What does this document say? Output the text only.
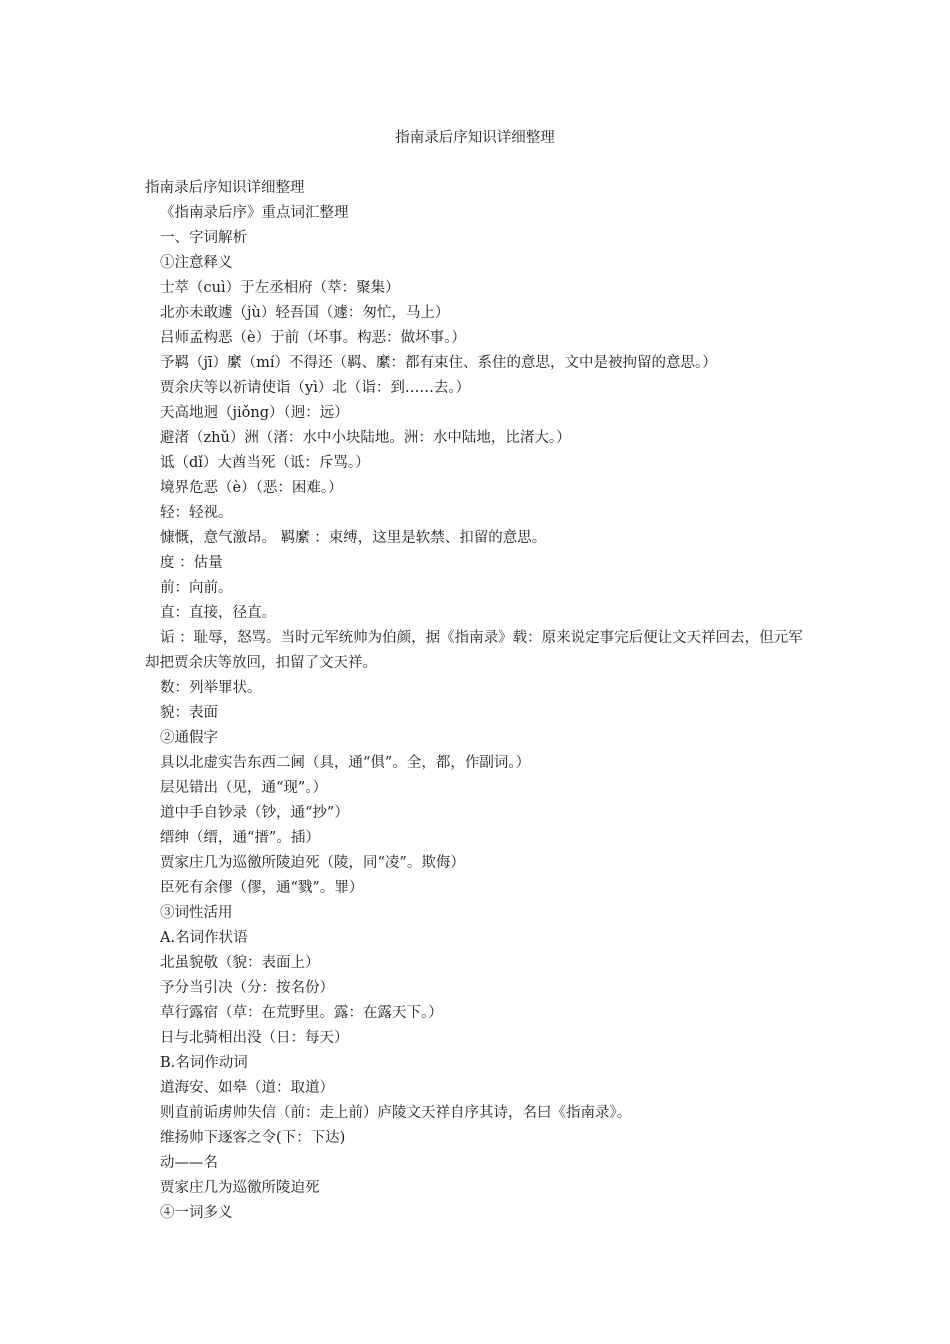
指南录后序知识详细整理
指南录后序知识详细整理
《指南录后序》重点词汇整理
一、字词解析
①注意释义
士萃（cuì）于左丞相府（萃：聚集）
北亦未敢遽（jù）轻吾国（遽：匆忙，马上）
吕师孟构恶（è）于前（坏事。构恶：做坏事。）
予羁（jī）縻（mí）不得还（羁、縻：都有束住、系住的意思，文中是被拘留的意思。）
贾余庆等以祈请使诣（yì）北（诣：到……去。）
天高地迥（jiǒng）（迥：远）
避渚（zhǔ）洲（渚：水中小块陆地。洲：水中陆地，比渚大。）
诋（dǐ）大酋当死（诋：斥骂。）
境界危恶（è）（恶：困难。）
轻：轻视。
慷慨，意气激昂。 羁縻 ：束缚，这里是软禁、扣留的意思。
度 ：估量
前：向前。
直：直接，径直。
诟 ：耻辱，怒骂。当时元军统帅为伯颜，据《指南录》载：原来说定事完后便让文天祥回去，但元军却把贾余庆等放回，扣留了文天祥。
数：列举罪状。
貌：表面
②通假字
具以北虚实告东西二阃（具，通“俱”。全，都，作副词。）
层见错出（见，通“现”。）
道中手自钞录（钞，通“抄”）
缙绅（缙，通“搢”。插）
贾家庄几为巡徼所陵迫死（陵，同“凌”。欺侮）
臣死有余僇（僇，通“戮”。罪）
③词性活用
A.名词作状语
北虽貌敬（貌：表面上）
予分当引决（分：按名份）
草行露宿（草：在荒野里。露：在露天下。）
日与北骑相出没（日：每天）
B.名词作动词
道海安、如皋（道：取道）
则直前诟虏帅失信（前：走上前）庐陵文天祥自序其诗，名曰《指南录》。
维扬帅下逐客之令(下：下达)
动——名
贾家庄几为巡徼所陵迫死
④一词多义
